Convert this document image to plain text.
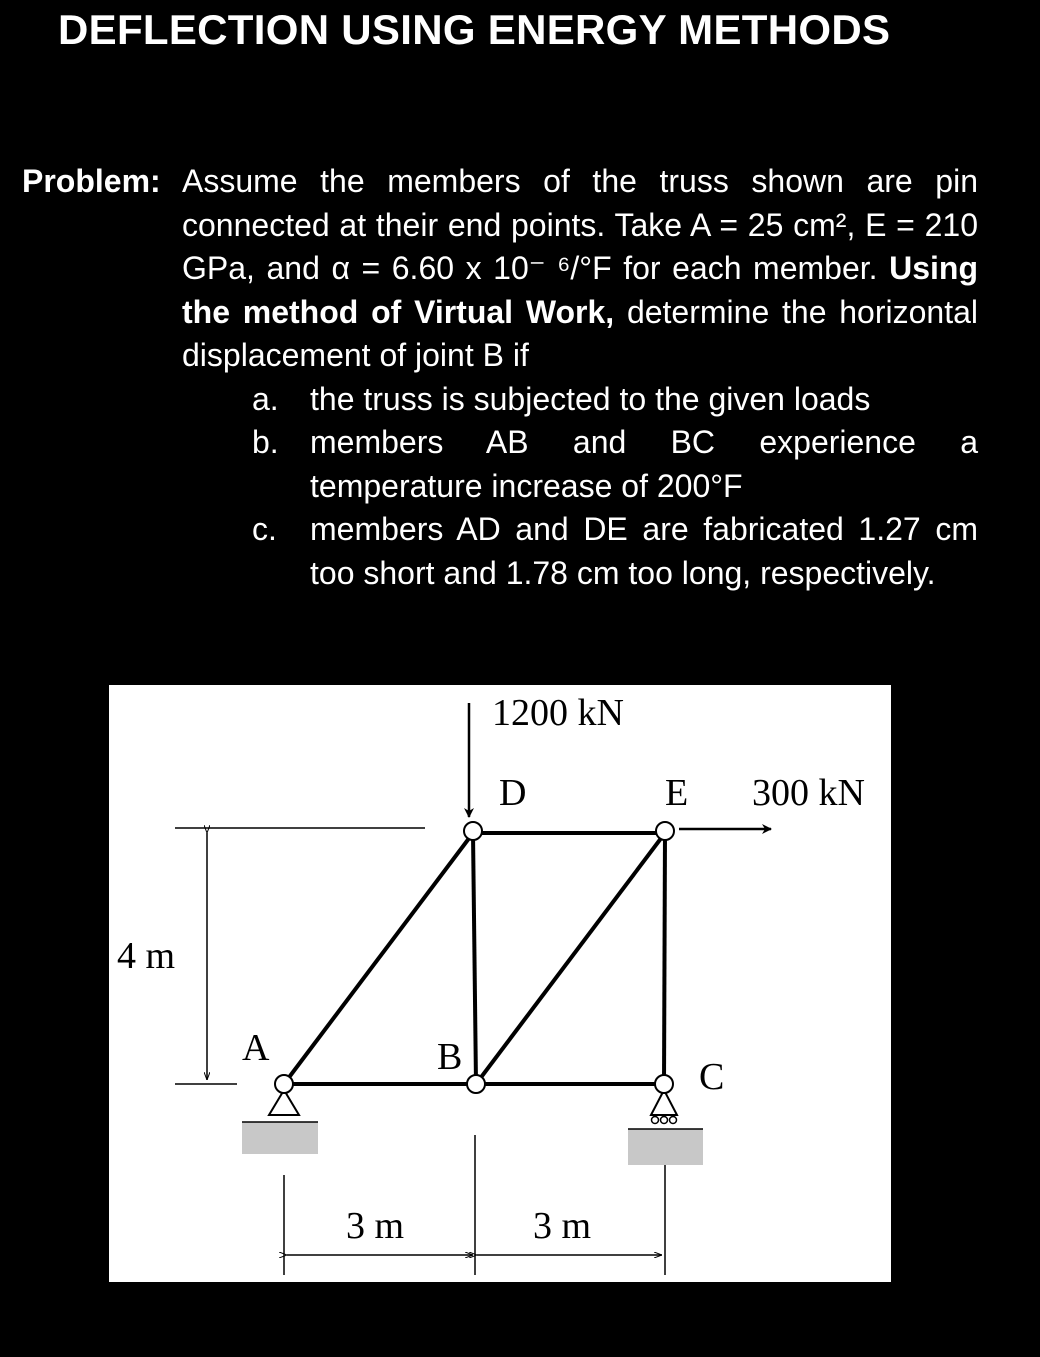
DEFLECTION USING ENERGY METHODS
Problem: Assume the members of the truss shown are pin connected at their end points. Take A = 25 cm², E = 210 GPa, and α = 6.60 x 10⁻ ⁶/°F for each member. Using the method of Virtual Work, determine the horizontal displacement of joint B if
a. the truss is subjected to the given loads
b. members AB and BC experience a temperature increase of 200°F
c.	members AD and DE are fabricated 1.27 cm too short and 1.78 cm too long, respectively.
1200 kN
300 kN
D	E
A	B	C
4 m
3 m	3 m
